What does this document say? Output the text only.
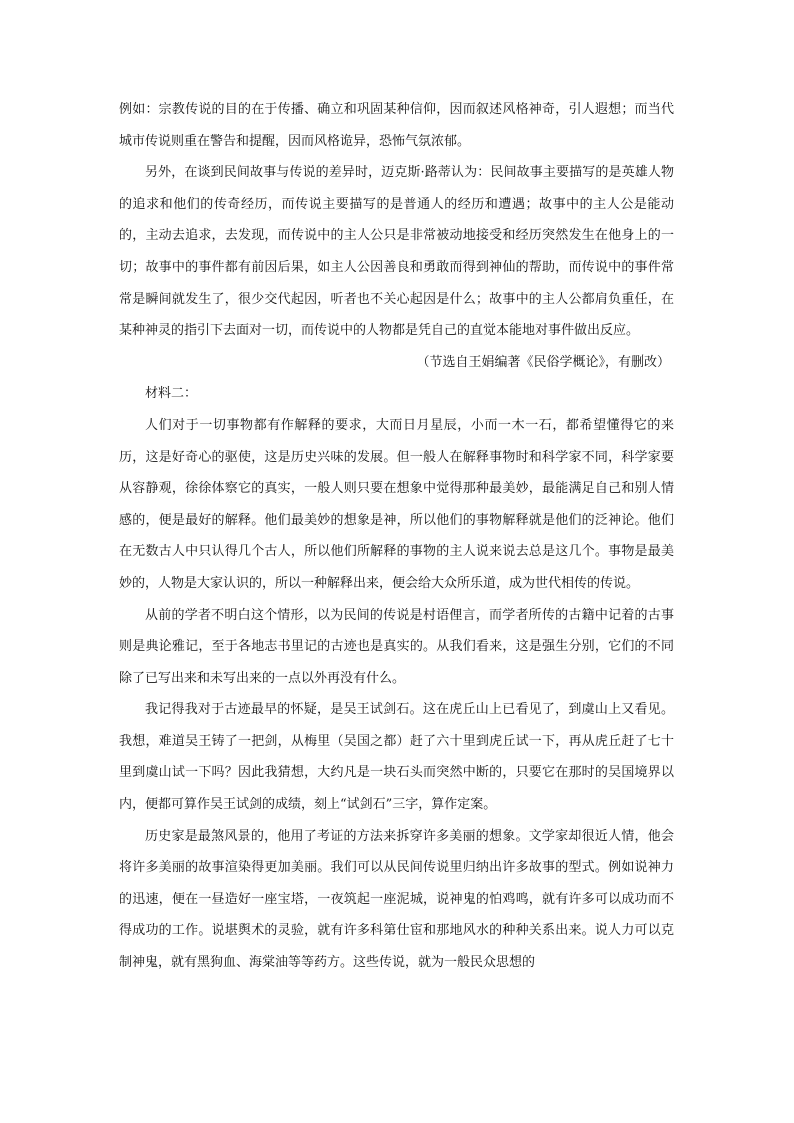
例如：宗教传说的目的在于传播、确立和巩固某种信仰，因而叙述风格神奇，引人遐想；而当代城市传说则重在警告和提醒，因而风格诡异，恐怖气氛浓郁。

另外，在谈到民间故事与传说的差异时，迈克斯·路蒂认为：民间故事主要描写的是英雄人物的追求和他们的传奇经历，而传说主要描写的是普通人的经历和遭遇；故事中的主人公是能动的，主动去追求，去发现，而传说中的主人公只是非常被动地接受和经历突然发生在他身上的一切；故事中的事件都有前因后果，如主人公因善良和勇敢而得到神仙的帮助，而传说中的事件常常是瞬间就发生了，很少交代起因，听者也不关心起因是什么；故事中的主人公都肩负重任，在某种神灵的指引下去面对一切，而传说中的人物都是凭自己的直觉本能地对事件做出反应。

（节选自王娟编著《民俗学概论》，有删改）

材料二：

人们对于一切事物都有作解释的要求，大而日月星辰，小而一木一石，都希望懂得它的来历，这是好奇心的驱使，这是历史兴味的发展。但一般人在解释事物时和科学家不同，科学家要从容静观，徐徐体察它的真实，一般人则只要在想象中觉得那种最美妙，最能满足自己和别人情感的，便是最好的解释。他们最美妙的想象是神，所以他们的事物解释就是他们的泛神论。他们在无数古人中只认得几个古人，所以他们所解释的事物的主人说来说去总是这几个。事物是最美妙的，人物是大家认识的，所以一种解释出来，便会给大众所乐道，成为世代相传的传说。

从前的学者不明白这个情形，以为民间的传说是村语俚言，而学者所传的古籍中记着的古事则是典论雅记，至于各地志书里记的古迹也是真实的。从我们看来，这是强生分别，它们的不同除了已写出来和未写出来的一点以外再没有什么。

我记得我对于古迹最早的怀疑，是吴王试剑石。这在虎丘山上已看见了，到虞山上又看见。我想，难道吴王铸了一把剑，从梅里（吴国之都）赶了六十里到虎丘试一下，再从虎丘赶了七十里到虞山试一下吗？因此我猜想，大约凡是一块石头而突然中断的，只要它在那时的吴国境界以内，便都可算作吴王试剑的成绩，刻上“试剑石”三字，算作定案。

历史家是最煞风景的，他用了考证的方法来拆穿许多美丽的想象。文学家却很近人情，他会将许多美丽的故事渲染得更加美丽。我们可以从民间传说里归纳出许多故事的型式。例如说神力的迅速，便在一昼造好一座宝塔，一夜筑起一座泥城，说神鬼的怕鸡鸣，就有许多可以成功而不得成功的工作。说堪舆术的灵验，就有许多科第仕宦和那地风水的种种关系出来。说人力可以克制神鬼，就有黑狗血、海棠油等等药方。这些传说，就为一般民众思想的
